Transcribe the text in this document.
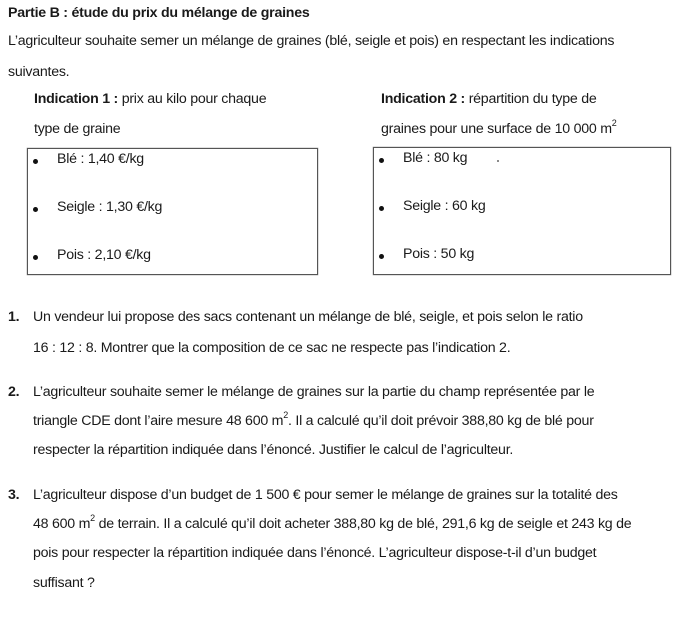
Partie B : étude du prix du mélange de graines
L’agriculteur souhaite semer un mélange de graines (blé, seigle et pois) en respectant les indications
suivantes.
Indication 1 : prix au kilo pour chaque
type de graine
Indication 2 : répartition du type de
graines pour une surface de 10 000 $m^2$
Blé : 1,40 €/kg
Seigle : 1,30 €/kg
Pois : 2,10 €/kg
Blé : 80 kg
Seigle : 60 kg
Pois : 50 kg
1. Un vendeur lui propose des sacs contenant un mélange de blé, seigle, et pois selon le ratio
16 : 12 : 8. Montrer que la composition de ce sac ne respecte pas l’indication 2.
2. L’agriculteur souhaite semer le mélange de graines sur la partie du champ représentée par le
triangle CDE dont l’aire mesure 48 600 $m^2$. Il a calculé qu’il doit prévoir 388,80 kg de blé pour
respecter la répartition indiquée dans l’énoncé. Justifier le calcul de l’agriculteur.
3. L’agriculteur dispose d’un budget de 1 500 € pour semer le mélange de graines sur la totalité des
48 600 $m^2$ de terrain. Il a calculé qu’il doit acheter 388,80 kg de blé, 291,6 kg de seigle et 243 kg de
pois pour respecter la répartition indiquée dans l’énoncé. L’agriculteur dispose-t-il d’un budget
suffisant ?
